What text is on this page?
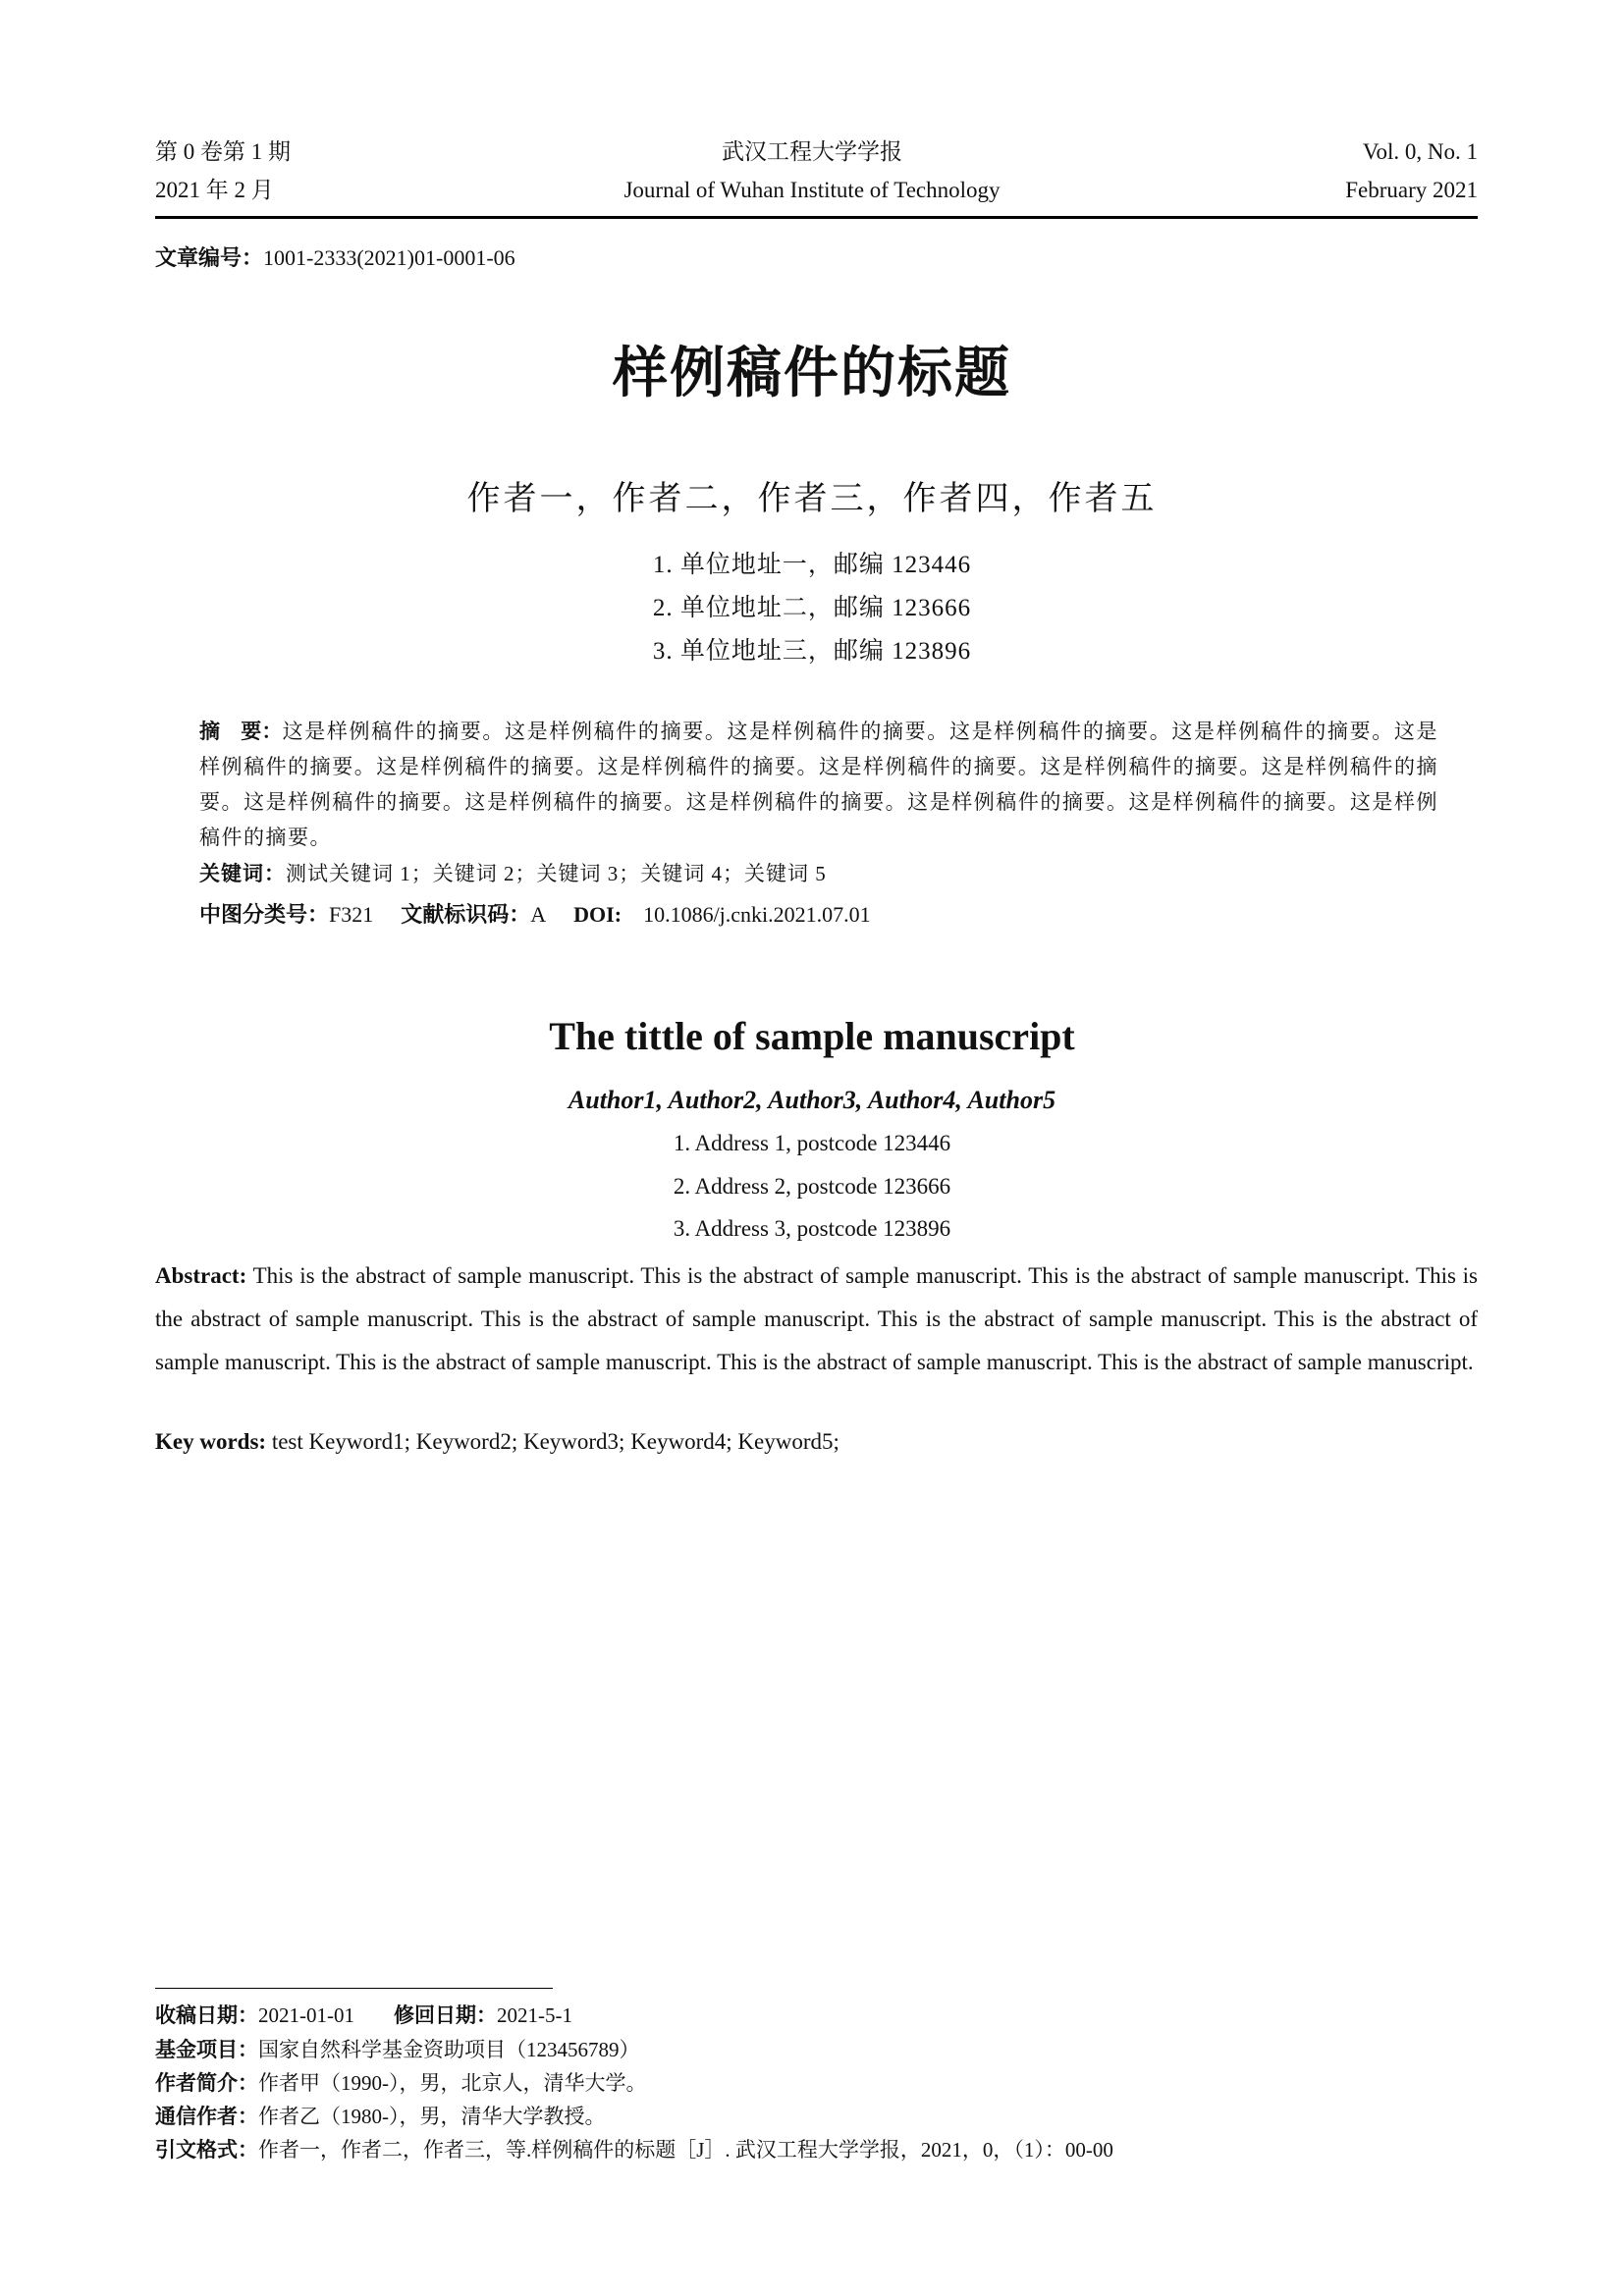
第 0 卷第 1 期
2021 年 2 月
武汉工程大学学报
Journal of Wuhan Institute of Technology
Vol. 0, No. 1
February 2021
文章编号：1001-2333(2021)01-0001-06
样例稿件的标题
作者一，作者二，作者三，作者四，作者五
1. 单位地址一，邮编 123446
2. 单位地址二，邮编 123666
3. 单位地址三，邮编 123896
摘　要：这是样例稿件的摘要。这是样例稿件的摘要。这是样例稿件的摘要。这是样例稿件的摘要。这是样例稿件的摘要。这是样例稿件的摘要。这是样例稿件的摘要。这是样例稿件的摘要。这是样例稿件的摘要。这是样例稿件的摘要。这是样例稿件的摘要。这是样例稿件的摘要。这是样例稿件的摘要。这是样例稿件的摘要。这是样例稿件的摘要。这是样例稿件的摘要。这是样例稿件的摘要。
关键词：测试关键词 1；关键词 2；关键词 3；关键词 4；关键词 5
中图分类号：F321 文献标识码：A DOI: 10.1086/j.cnki.2021.07.01
The tittle of sample manuscript
Author1, Author2, Author3, Author4, Author5
1. Address 1, postcode 123446
2. Address 2, postcode 123666
3. Address 3, postcode 123896
Abstract: This is the abstract of sample manuscript. This is the abstract of sample manuscript. This is the abstract of sample manuscript. This is the abstract of sample manuscript. This is the abstract of sample manuscript. This is the abstract of sample manuscript. This is the abstract of sample manuscript. This is the abstract of sample manuscript. This is the abstract of sample manuscript. This is the abstract of sample manuscript.
Key words: test Keyword1; Keyword2; Keyword3; Keyword4; Keyword5;
收稿日期：2021-01-01 修回日期：2021-5-1
基金项目：国家自然科学基金资助项目（123456789）
作者简介：作者甲（1990-），男，北京人，清华大学。
通信作者：作者乙（1980-），男，清华大学教授。
引文格式：作者一，作者二，作者三，等.样例稿件的标题［J］. 武汉工程大学学报，2021，0，（1）：00-00
